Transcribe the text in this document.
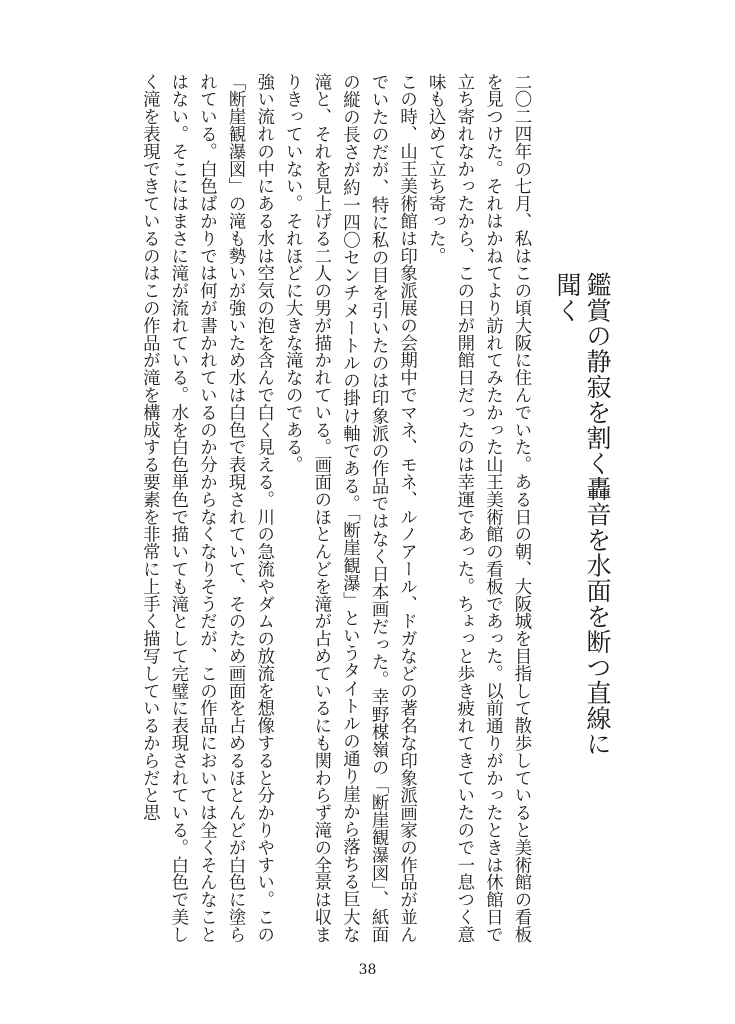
鑑賞の静寂を割く轟音を水面を断つ直線に聞く

二〇二四年の七月、私はこの頃大阪に住んでいた。ある日の朝、大阪城を目指して散歩していると美術館の看板を見つけた。それはかねてより訪れてみたかった山王美術館の看板であった。以前通りがかったときは休館日で立ち寄れなかったから、この日が開館日だったのは幸運であった。ちょっと歩き疲れてきていたので一息つく意味も込めて立ち寄った。

この時、山王美術館は印象派展の会期中でマネ、モネ、ルノアール、ドガなどの著名な印象派画家の作品が並んでいたのだが、特に私の目を引いたのは印象派の作品ではなく日本画だった。幸野楳嶺の「断崖観瀑図」、紙面の縦の長さが約一四〇センチメートルの掛け軸である。「断崖観瀑」というタイトルの通り崖から落ちる巨大な滝と、それを見上げる二人の男が描かれている。画面のほとんどを滝が占めているにも関わらず滝の全景は収まりきっていない。それほどに大きな滝なのである。

強い流れの中にある水は空気の泡を含んで白く見える。川の急流やダムの放流を想像すると分かりやすい。この「断崖観瀑図」の滝も勢いが強いため水は白色で表現されていて、そのため画面を占めるほとんどが白色に塗られている。白色ばかりでは何が書かれているのか分からなくなりそうだが、この作品においては全くそんなことはない。そこにはまさに滝が流れている。水を白色単色で描いても滝として完璧に表現されている。白色で美しく滝を表現できているのはこの作品が滝を構成する要素を非常に上手く描写しているからだと思

38
